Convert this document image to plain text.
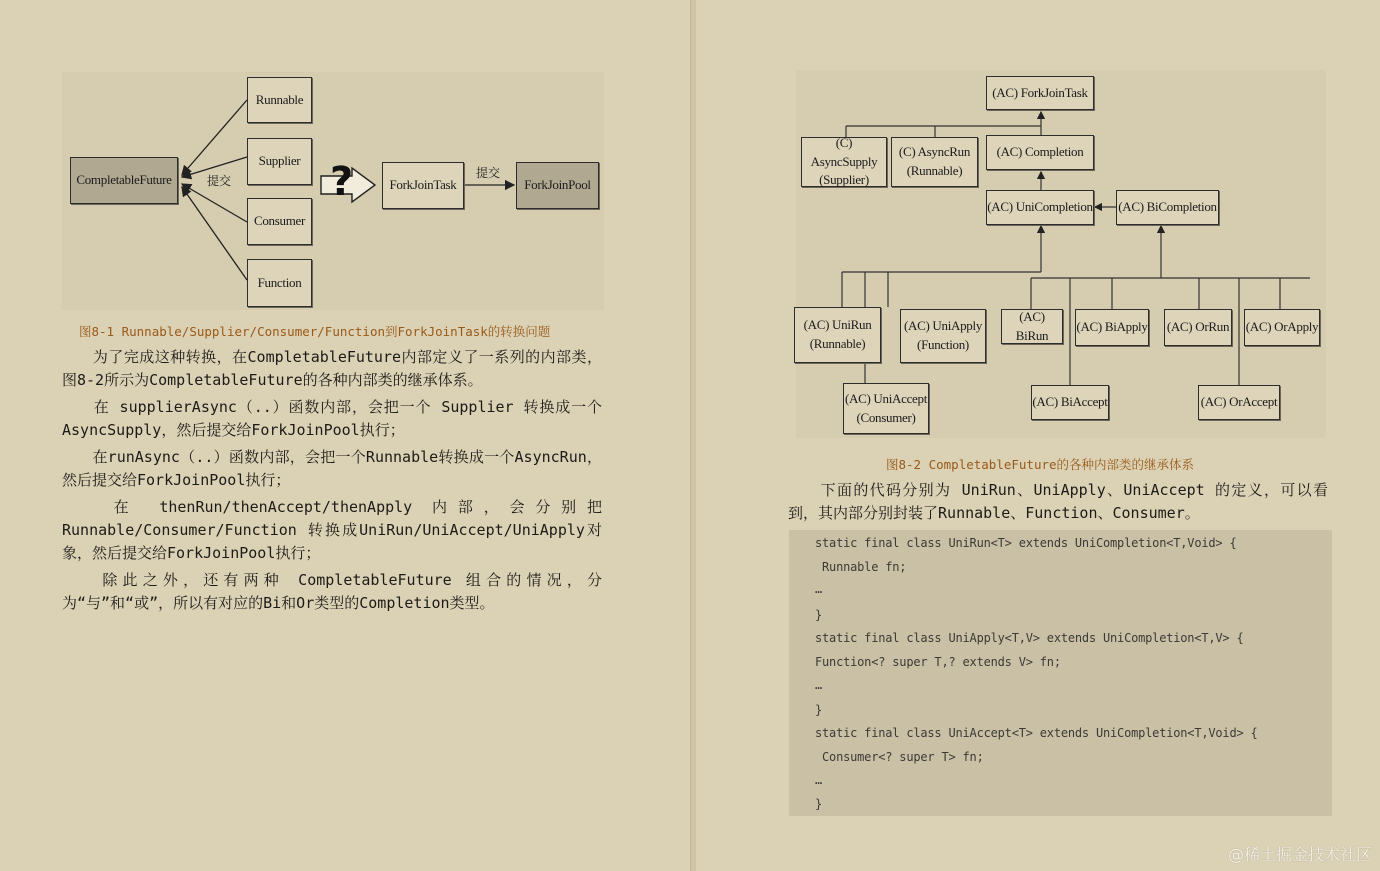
CompletableFuture
Runnable
Supplier
Consumer
Function
ForkJoinTask	ForkJoinPool
提交
提交
?
图8-1 Runnable/Supplier/Consumer/Function到ForkJoinTask的转换问题

　　为了完成这种转换，在CompletableFuture内部定义了一系列的内部类，图8-2所示为CompletableFuture的各种内部类的继承体系。

　　在 supplierAsync（..）函数内部，会把一个 Supplier 转换成一个 AsyncSupply，然后提交给ForkJoinPool执行；

　　在runAsync（..）函数内部，会把一个Runnable转换成一个AsyncRun，然后提交给ForkJoinPool执行；

　　在 thenRun/thenAccept/thenApply 内部，会分别把 Runnable/Consumer/Function 转换成UniRun/UniAccept/UniApply对象，然后提交给ForkJoinPool执行；

　　除此之外，还有两种 CompletableFuture 组合的情况，分为“与”和“或”，所以有对应的Bi和Or类型的Completion类型。

(AC) ForkJoinTask
(C) AsyncSupply
(Supplier)
(C) AsyncRun
(Runnable)
(AC) Completion
(AC) UniCompletion (AC) BiCompletion
(AC) UniRun
(Runnable)
(AC) UniApply
(Function)
(AC) BiRun
(AC) BiApply (AC) OrRun (AC) OrApply
(AC) UniAccept
(Consumer)
(AC) BiAccept	(AC) OrAccept
图8-2 CompletableFuture的各种内部类的继承体系

　　下面的代码分别为 UniRun、UniApply、UniAccept 的定义，可以看到，其内部分别封装了Runnable、Function、Consumer。

static final class UniRun<T> extends UniCompletion<T,Void> {
Runnable fn;
…
}
static final class UniApply<T,V> extends UniCompletion<T,V> {
Function<? super T,? extends V> fn;
…
}
static final class UniAccept<T> extends UniCompletion<T,Void> {
Consumer<? super T> fn;
…
}
@稀土掘金技术社区
